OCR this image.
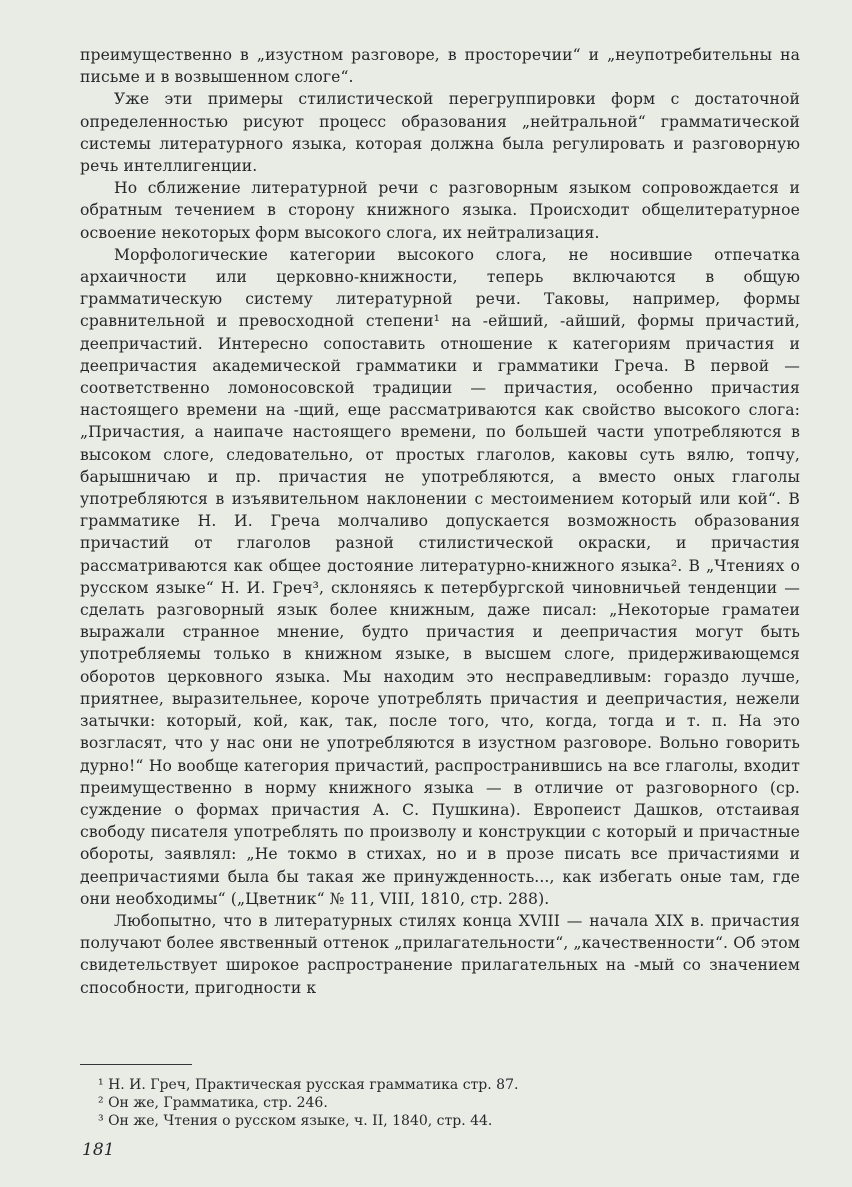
преимущественно в „изустном разговоре, в просторечии“ и „неупотребительны на письме и в возвышенном слоге“.

Уже эти примеры стилистической перегруппировки форм с достаточной определенностью рисуют процесс образования „нейтральной“ грамматической системы литературного языка, которая должна была регулировать и разговорную речь интеллигенции.

Но сближение литературной речи с разговорным языком сопровождается и обратным течением в сторону книжного языка. Происходит общелитературное освоение некоторых форм высокого слога, их нейтрализация.

Морфологические категории высокого слога, не носившие отпечатка архаичности или церковно-книжности, теперь включаются в общую грамматическую систему литературной речи. Таковы, например, формы сравнительной и превосходной степени¹ на -ейший, -айший, формы причастий, деепричастий. Интересно сопоставить отношение к категориям причастия и деепричастия академической грамматики и грамматики Греча. В первой — соответственно ломоносовской традиции — причастия, особенно причастия настоящего времени на -щий, еще рассматриваются как свойство высокого слога: „Причастия, а наипаче настоящего времени, по большей части употребляются в высоком слоге, следовательно, от простых глаголов, каковы суть вялю, топчу, барышничаю и пр. причастия не употребляются, а вместо оных глаголы употребляются в изъявительном наклонении с местоимением который или кой“. В грамматике Н. И. Греча молчаливо допускается возможность образования причастий от глаголов разной стилистической окраски, и причастия рассматриваются как общее достояние литературно-книжного языка². В „Чтениях о русском языке“ Н. И. Греч³, склоняясь к петербургской чиновничьей тенденции — сделать разговорный язык более книжным, даже писал: „Некоторые граматеи выражали странное мнение, будто причастия и деепричастия могут быть употребляемы только в книжном языке, в высшем слоге, придерживающемся оборотов церковного языка. Мы находим это несправедливым: гораздо лучше, приятнее, выразительнее, короче употреблять причастия и деепричастия, нежели затычки: который, кой, как, так, после того, что, когда, тогда и т. п. На это возгласят, что у нас они не употребляются в изустном разговоре. Вольно говорить дурно!“ Но вообще категория причастий, распространившись на все глаголы, входит преимущественно в норму книжного языка — в отличие от разговорного (ср. суждение о формах причастия А. С. Пушкина). Европеист Дашков, отстаивая свободу писателя употреблять по произволу и конструкции с который и причастные обороты, заявлял: „Не токмо в стихах, но и в прозе писать все причастиями и деепричастиями была бы такая же принужденность..., как избегать оные там, где они необходимы“ („Цветник“ № 11, VIII, 1810, стр. 288).

Любопытно, что в литературных стилях конца XVIII — начала XIX в. причастия получают более явственный оттенок „прилагательности“, „качественности“. Об этом свидетельствует широкое распространение прилагательных на -мый со значением способности, пригодности к

¹ Н. И. Греч, Практическая русская грамматика стр. 87.

² Он же, Грамматика, стр. 246.

³ Он же, Чтения о русском языке, ч. II, 1840, стр. 44.

181
